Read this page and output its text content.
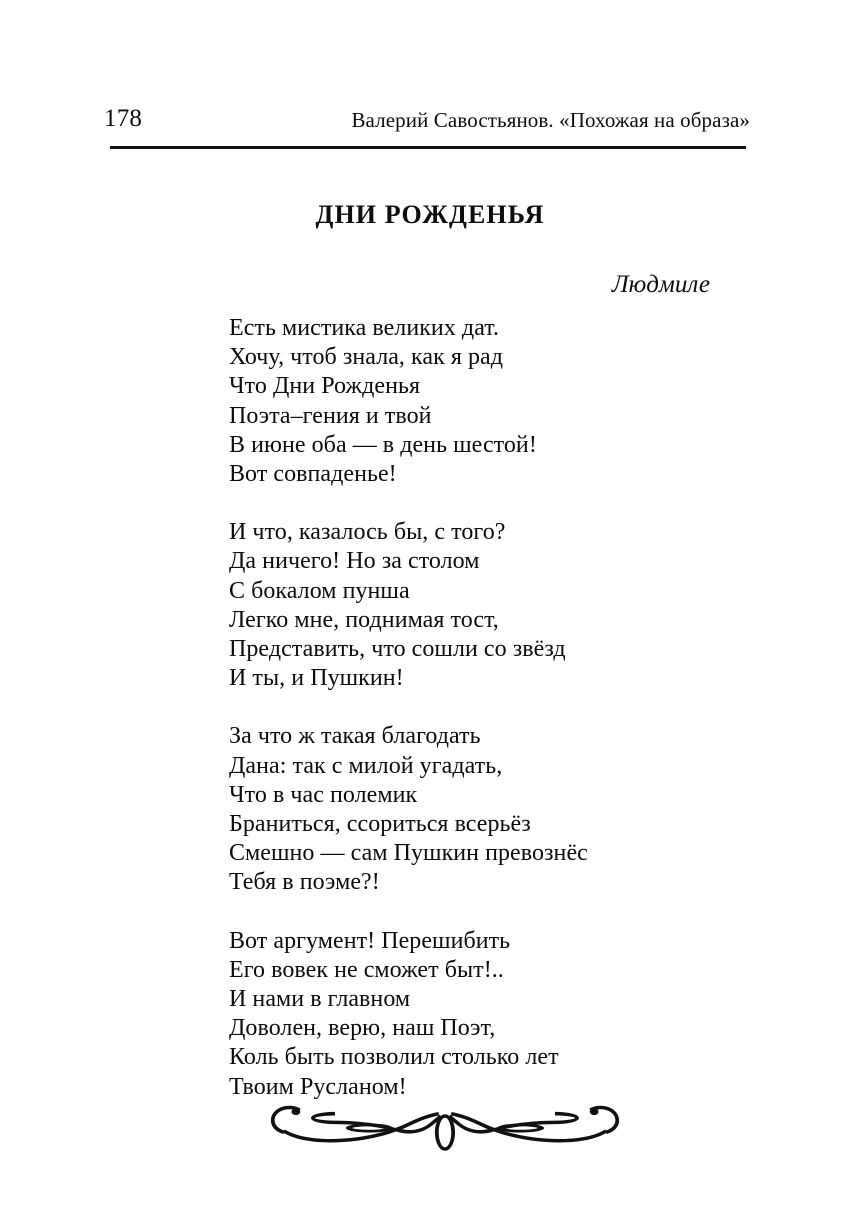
178	Валерий Савостьянов. «Похожая на образа»
ДНИ РОЖДЕНЬЯ
Людмиле
Есть мистика великих дат.
Хочу, чтоб знала, как я рад
Что Дни Рожденья
Поэта–гения и твой
В июне оба — в день шестой!
Вот совпаденье!
И что, казалось бы, с того?
Да ничего! Но за столом
С бокалом пунша
Легко мне, поднимая тост,
Представить, что сошли со звёзд
И ты, и Пушкин!
За что ж такая благодать
Дана: так с милой угадать,
Что в час полемик
Браниться, ссориться всерьёз
Смешно — сам Пушкин превознёс
Тебя в поэме?!
Вот аргумент! Перешибить
Его вовек не сможет быт!..
И нами в главном
Доволен, верю, наш Поэт,
Коль быть позволил столько лет
Твоим Русланом!
